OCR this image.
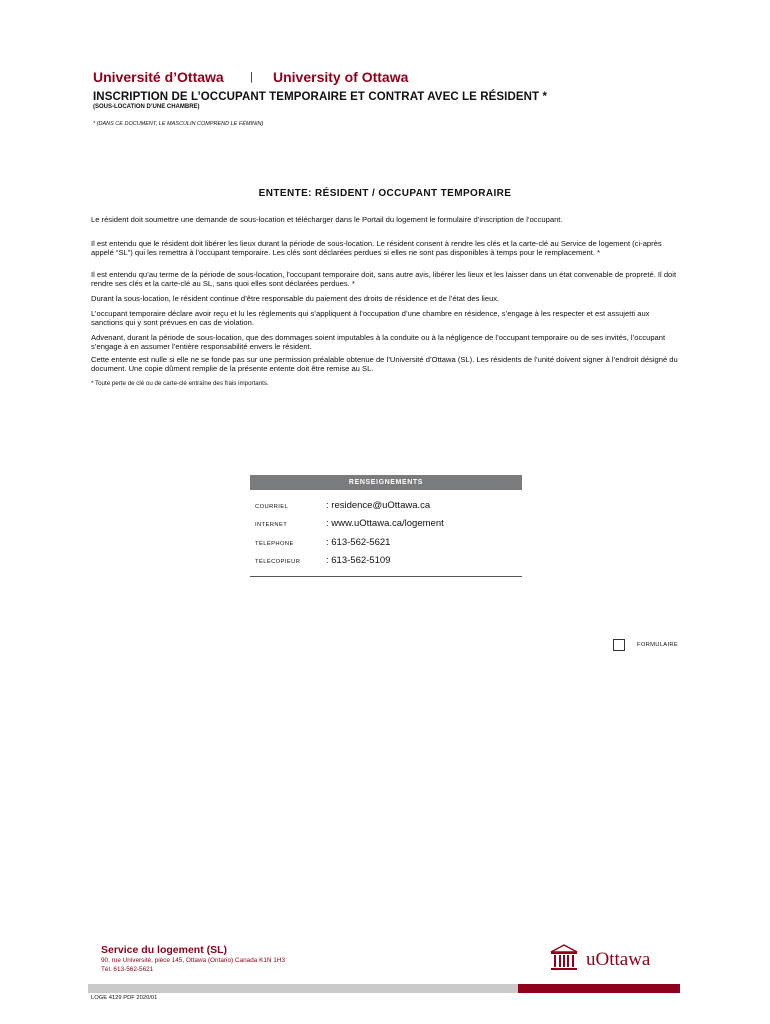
Université d’Ottawa | University of Ottawa
INSCRIPTION DE L’OCCUPANT TEMPORAIRE ET CONTRAT AVEC LE RÉSIDENT *
(SOUS-LOCATION D’UNE CHAMBRE)
* (DANS CE DOCUMENT, LE MASCULIN COMPREND LE FÉMININ)
ENTENTE: RÉSIDENT / OCCUPANT TEMPORAIRE
Le résident doit soumettre une demande de sous-location et télécharger dans le Portail du logement le formulaire d’inscription de l’occupant.
Il est entendu que le résident doit libérer les lieux durant la période de sous-location. Le résident consent à rendre les clés et la carte-clé au Service de logement (ci-après appelé “SL”) qui les remettra à l’occupant temporaire. Les clés sont déclarées perdues si elles ne sont pas disponibles à temps pour le remplacement. *
Il est entendu qu’au terme de la période de sous-location, l’occupant temporaire doit, sans autre avis, libérer les lieux et les laisser dans un état convenable de propreté. Il doit rendre ses clés et la carte-clé au SL, sans quoi elles sont déclarées perdues. *
Durant la sous-location, le résident continue d’être responsable du paiement des droits de résidence et de l’état des lieux.
L’occupant temporaire déclare avoir reçu et lu les règlements qui s’appliquent à l’occupation d’une chambre en résidence, s’engage à les respecter et est assujetti aux sanctions qui y sont prévues en cas de violation.
Advenant, durant la période de sous-location, que des dommages soient imputables à la conduite ou à la négligence de l’occupant temporaire ou de ses invités, l’occupant s’engage à en assumer l’entière responsabilité envers le résident.
Cette entente est nulle si elle ne se fonde pas sur une permission préalable obtenue de l’Université d’Ottawa (SL). Les résidents de l’unité doivent signer à l’endroit désigné du document. Une copie dûment remplie de la présente entente doit être remise au SL.
* Toute perte de clé ou de carte-clé entraîne des frais importants.
RENSEIGNEMENTS
COURRIEL	: residence@uOttawa.ca
INTERNET	: www.uOttawa.ca/logement
TÉLÉPHONE	: 613-562-5621
TÉLÉCOPIEUR	: 613-562-5109
FORMULAIRE
Service du logement (SL)
90, rue Université, pièce 145, Ottawa (Ontario) Canada K1N 1H3
Tél. 613-562-5621	uOttawa
LOGE 4129 PDF 2020/01
